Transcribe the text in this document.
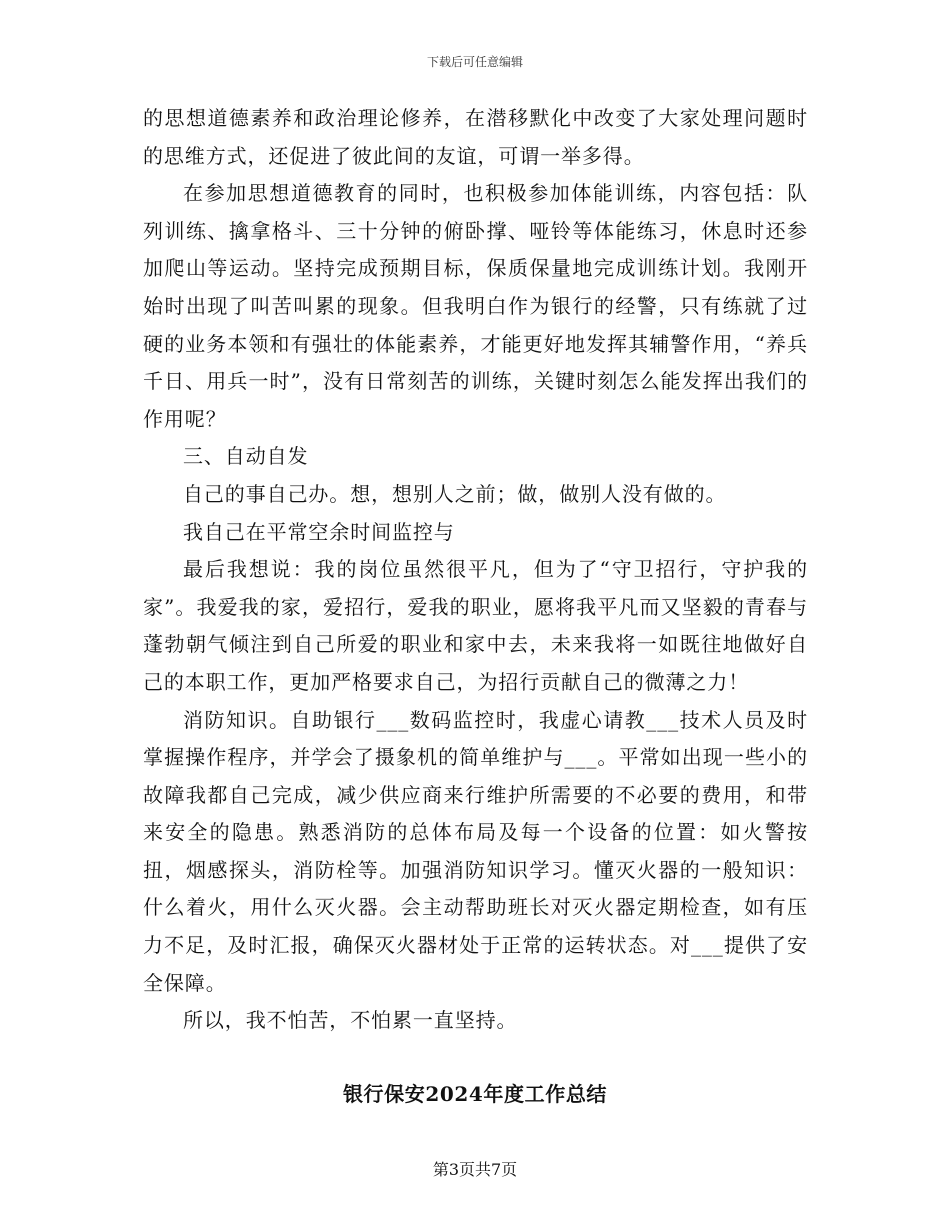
下载后可任意编辑

的思想道德素养和政治理论修养，在潜移默化中改变了大家处理问题时的思维方式，还促进了彼此间的友谊，可谓一举多得。

在参加思想道德教育的同时，也积极参加体能训练，内容包括：队列训练、擒拿格斗、三十分钟的俯卧撑、哑铃等体能练习，休息时还参加爬山等运动。坚持完成预期目标，保质保量地完成训练计划。我刚开始时出现了叫苦叫累的现象。但我明白作为银行的经警，只有练就了过硬的业务本领和有强壮的体能素养，才能更好地发挥其辅警作用，“养兵千日、用兵一时”，没有日常刻苦的训练，关键时刻怎么能发挥出我们的作用呢？

三、自动自发

自己的事自己办。想，想别人之前；做，做别人没有做的。

我自己在平常空余时间监控与

最后我想说：我的岗位虽然很平凡，但为了“守卫招行，守护我的家”。我爱我的家，爱招行，爱我的职业，愿将我平凡而又坚毅的青春与蓬勃朝气倾注到自己所爱的职业和家中去，未来我将一如既往地做好自己的本职工作，更加严格要求自己，为招行贡献自己的微薄之力！

消防知识。自助银行___数码监控时，我虚心请教___技术人员及时掌握操作程序，并学会了摄象机的简单维护与___。平常如出现一些小的故障我都自己完成，减少供应商来行维护所需要的不必要的费用，和带来安全的隐患。熟悉消防的总体布局及每一个设备的位置：如火警按扭，烟感探头，消防栓等。加强消防知识学习。懂灭火器的一般知识：什么着火，用什么灭火器。会主动帮助班长对灭火器定期检查，如有压力不足，及时汇报，确保灭火器材处于正常的运转状态。对___提供了安全保障。

所以，我不怕苦，不怕累一直坚持。

银行保安2024年度工作总结
第3页共7页
